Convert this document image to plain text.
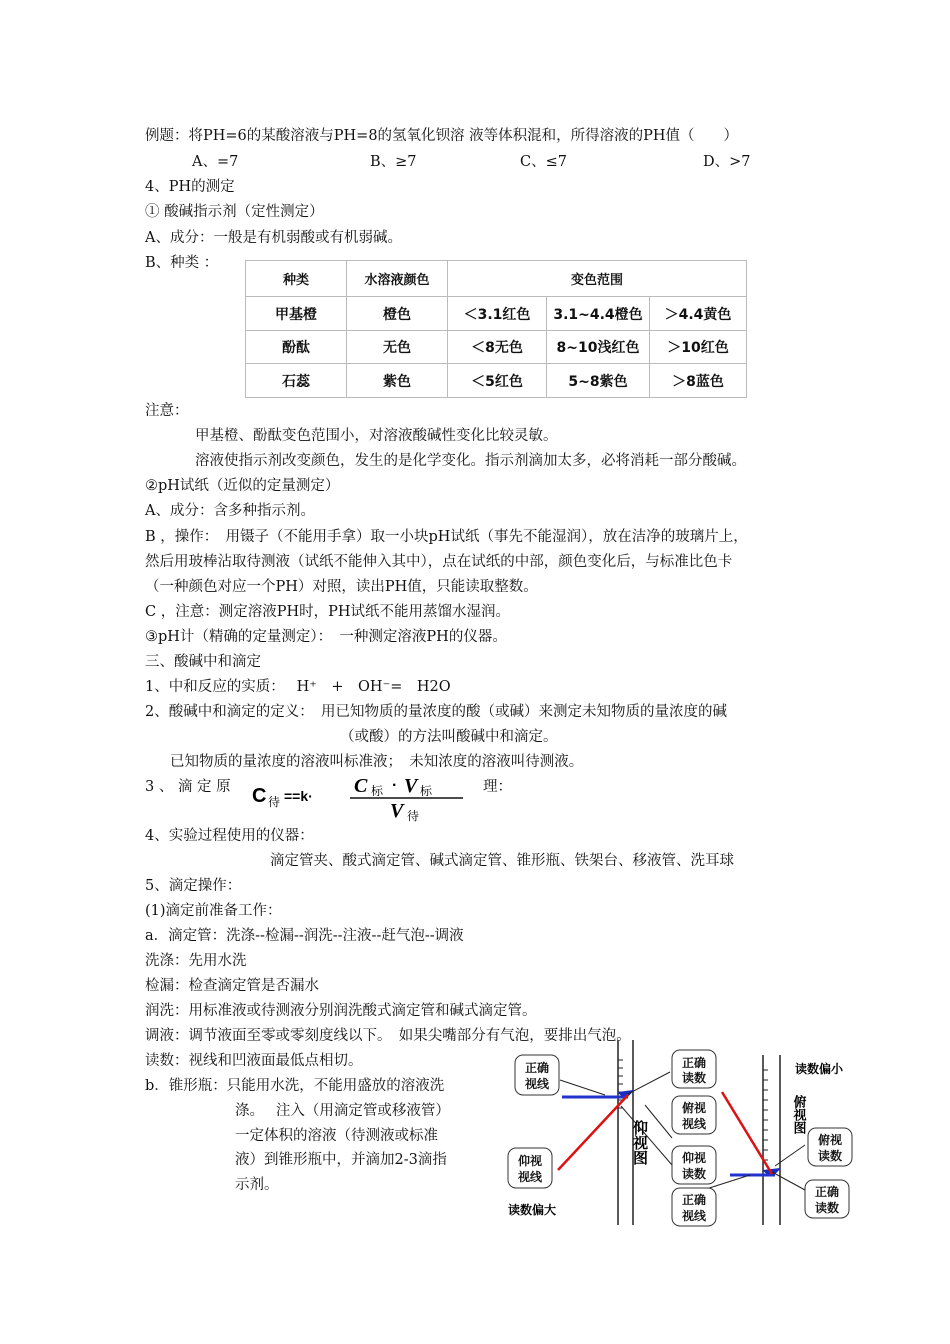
例题：将PH=6的某酸溶液与PH=8的氢氧化钡溶 液等体积混和，所得溶液的PH值（　　）
A、=7	B、≥7	C、≤7	D、>7
4、PH的测定
① 酸碱指示剂（定性测定）
A、成分：一般是有机弱酸或有机弱碱。
B、种类 ：
种类	水溶液颜色	变色范围		
甲基橙	橙色	＜3.1红色	3.1~4.4橙色	＞4.4黄色
酚酞	无色	＜8无色	8~10浅红色	＞10红色
石蕊	紫色	＜5红色	5~8紫色	＞8蓝色
注意：
甲基橙、酚酞变色范围小，对溶液酸碱性变化比较灵敏。
溶液使指示剂改变颜色，发生的是化学变化。指示剂滴加太多，必将消耗一部分酸碱。
②pH试纸（近似的定量测定）
A、成分：含多种指示剂。
B ，操作：　用镊子（不能用手拿）取一小块pH试纸（事先不能湿润），放在洁净的玻璃片上，
然后用玻棒沾取待测液（试纸不能伸入其中），点在试纸的中部，颜色变化后，与标准比色卡
（一种颜色对应一个PH）对照，读出PH值，只能读取整数。
C ，注意：测定溶液PH时，PH试纸不能用蒸馏水湿润。
③pH计（精确的定量测定）：　一种测定溶液PH的仪器。
三、酸碱中和滴定
1、中和反应的实质：　 H⁺　+　OH⁻=　H2O
2、酸碱中和滴定的定义：　用已知物质的量浓度的酸（或碱）来测定未知物质的量浓度的碱
（或酸）的方法叫酸碱中和滴定。
已知物质的量浓度的溶液叫标准液；　未知浓度的溶液叫待测液。
3 、 滴 定 原 C 待 ==k· C 标 · V 标
V 待
理：
4、实验过程使用的仪器：
滴定管夹、酸式滴定管、碱式滴定管、锥形瓶、铁架台、移液管、洗耳球
5、滴定操作：
(1)滴定前准备工作：
a．滴定管：洗涤--检漏--润洗--注液--赶气泡--调液
洗涤：先用水洗
检漏：检查滴定管是否漏水
润洗：用标准液或待测液分别润洗酸式滴定管和碱式滴定管。
调液：调节液面至零或零刻度线以下。　如果尖嘴部分有气泡，要排出气泡。
读数：视线和凹液面最低点相切。
b．锥形瓶：只能用水洗，不能用盛放的溶液洗
涤。　 注入（用滴定管或移液管）
一定体积的溶液（待测液或标准
液）到锥形瓶中，并滴加2-3滴指
示剂。
正确
视线
正确
读数
俯视
视线
仰视
视线
仰视
读数
正确
视线
俯视
读数
正确
读数
读数偏大
读数偏小
仰视图
俯视图
